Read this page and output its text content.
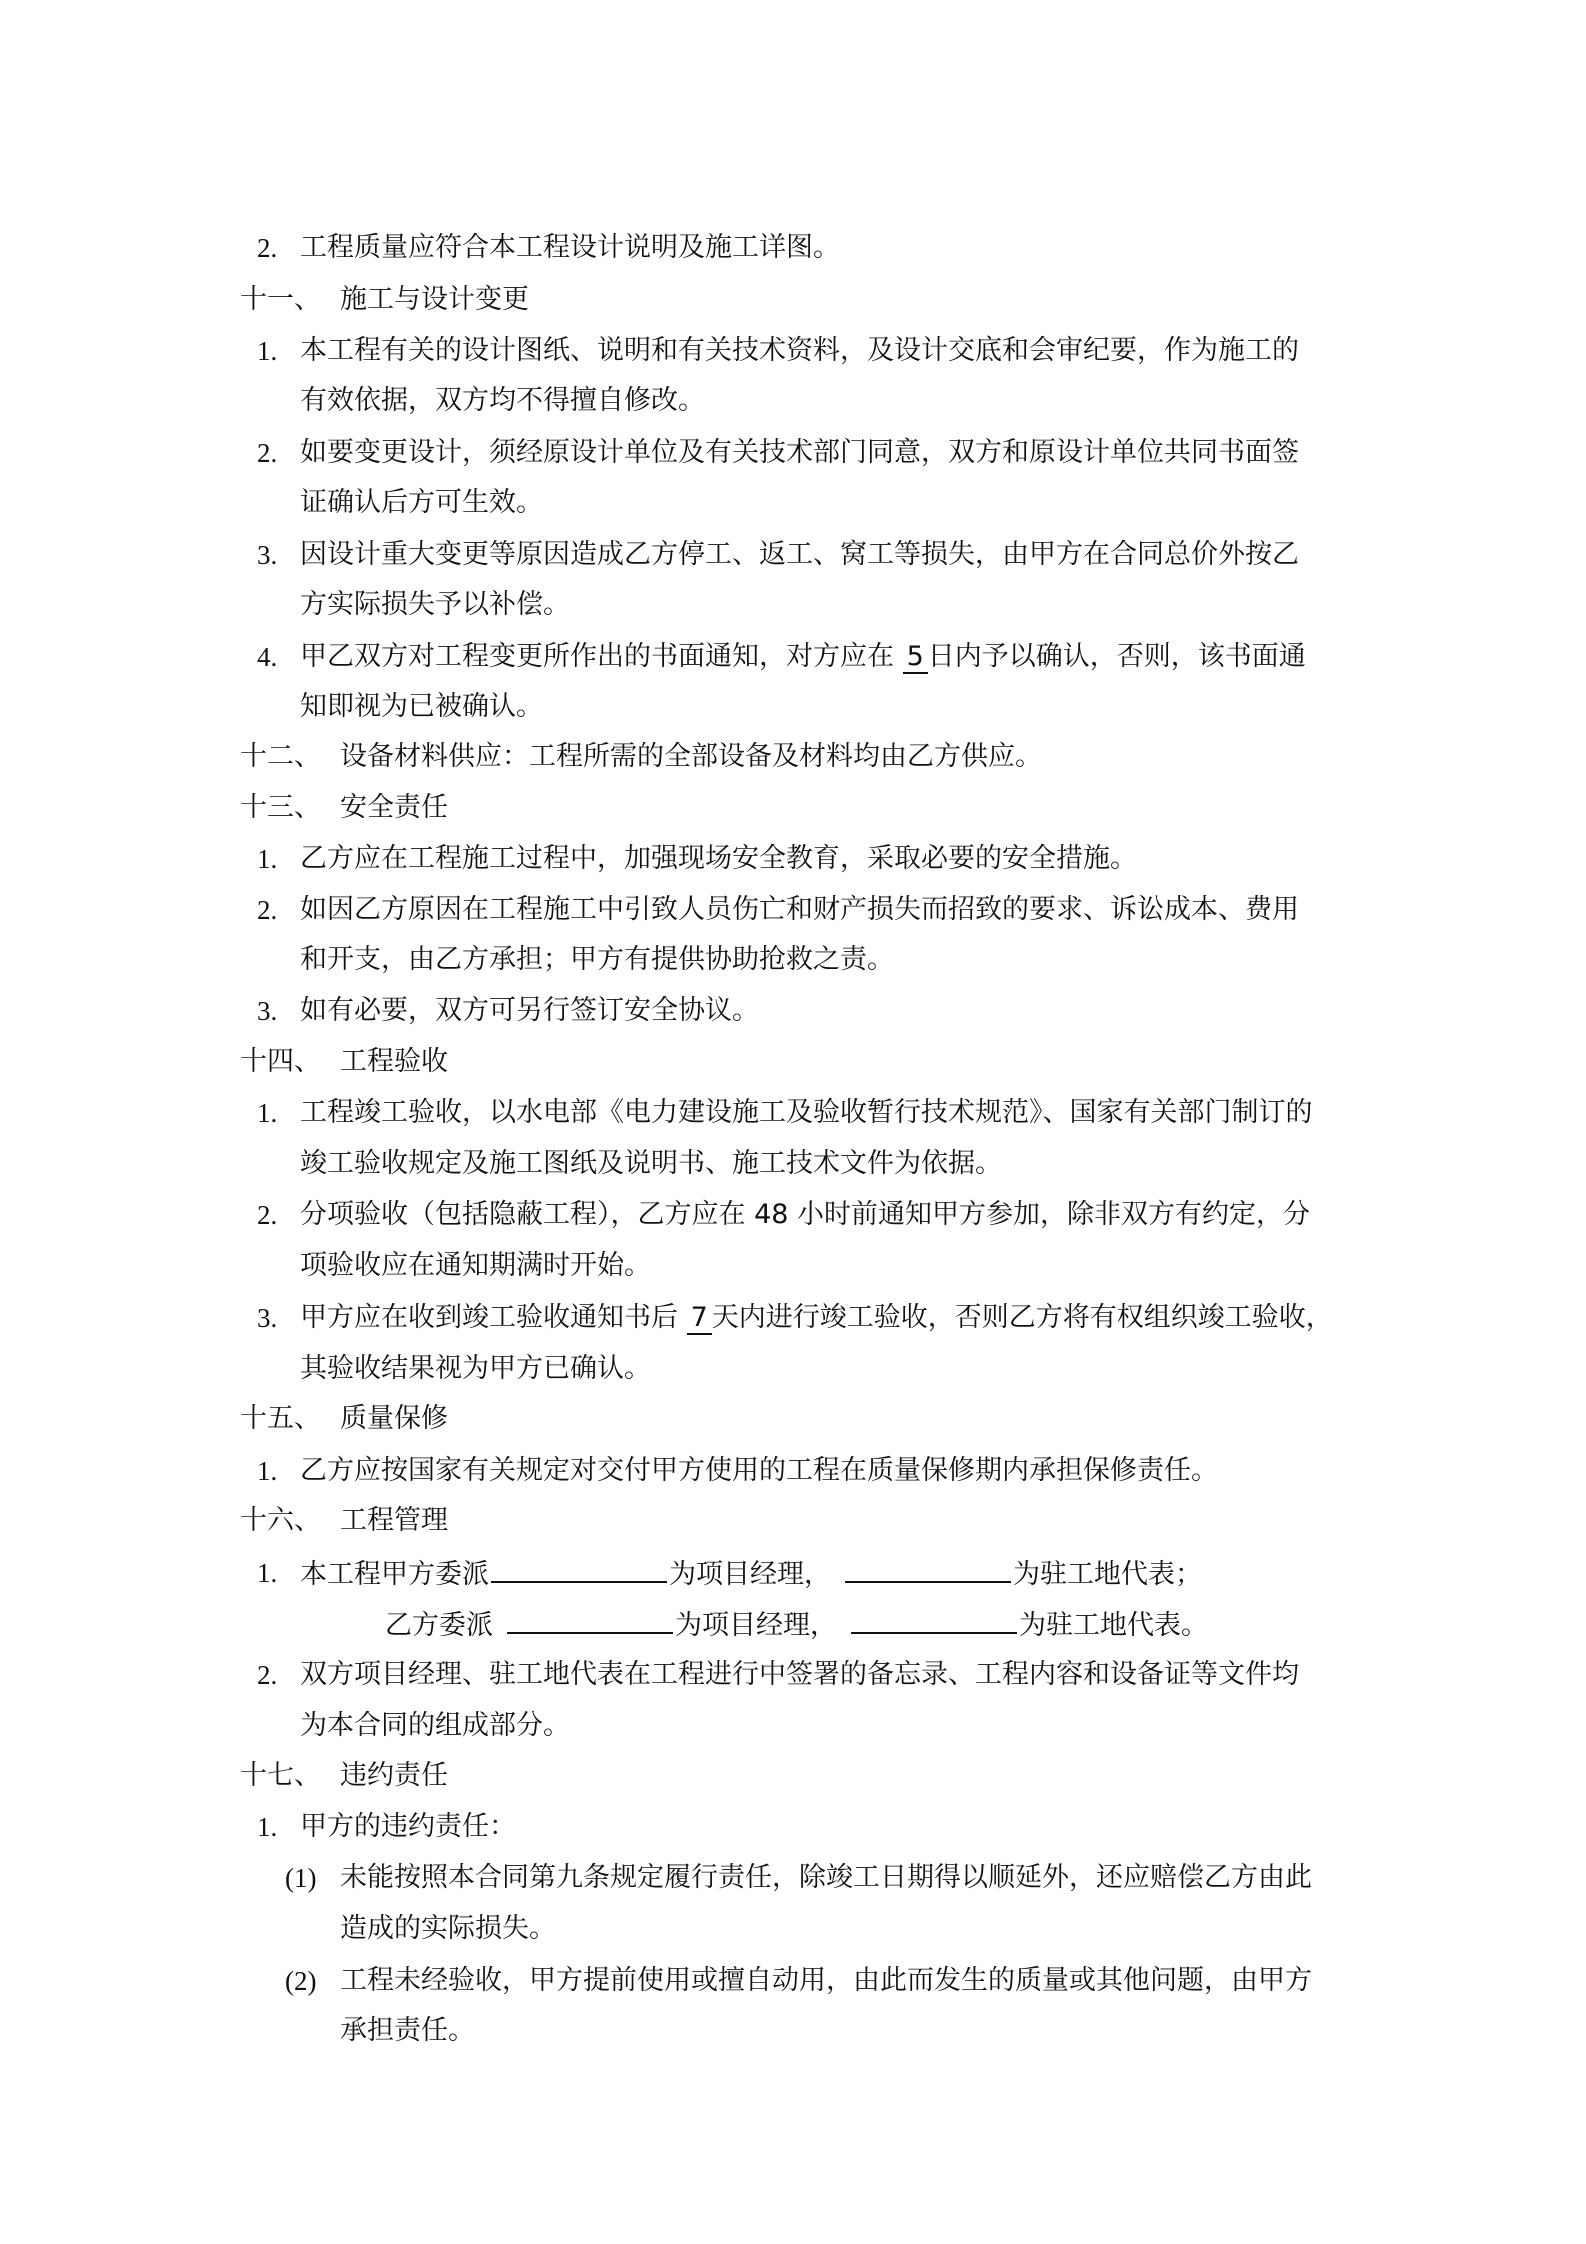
2. 工程质量应符合本工程设计说明及施工详图。
十一、 施工与设计变更
1. 本工程有关的设计图纸、说明和有关技术资料，及设计交底和会审纪要，作为施工的
有效依据，双方均不得擅自修改。
2. 如要变更设计，须经原设计单位及有关技术部门同意，双方和原设计单位共同书面签
证确认后方可生效。
3. 因设计重大变更等原因造成乙方停工、返工、窝工等损失，由甲方在合同总价外按乙
方实际损失予以补偿。
4. 甲乙双方对工程变更所作出的书面通知，对方应在 5 日内予以确认，否则，该书面通
知即视为已被确认。
十二、 设备材料供应：工程所需的全部设备及材料均由乙方供应。
十三、 安全责任
1. 乙方应在工程施工过程中，加强现场安全教育，采取必要的安全措施。
2. 如因乙方原因在工程施工中引致人员伤亡和财产损失而招致的要求、诉讼成本、费用
和开支，由乙方承担；甲方有提供协助抢救之责。
3. 如有必要，双方可另行签订安全协议。
十四、 工程验收
1. 工程竣工验收，以水电部《电力建设施工及验收暂行技术规范》、国家有关部门制订的
竣工验收规定及施工图纸及说明书、施工技术文件为依据。
2. 分项验收（包括隐蔽工程），乙方应在 48 小时前通知甲方参加，除非双方有约定，分
项验收应在通知期满时开始。
3. 甲方应在收到竣工验收通知书后 7 天内进行竣工验收，否则乙方将有权组织竣工验收，
其验收结果视为甲方已确认。
十五、 质量保修
1. 乙方应按国家有关规定对交付甲方使用的工程在质量保修期内承担保修责任。
十六、 工程管理
1. 本工程甲方委派	为项目经理，	为驻工地代表；
乙方委派	为项目经理，	为驻工地代表。
2. 双方项目经理、驻工地代表在工程进行中签署的备忘录、工程内容和设备证等文件均
为本合同的组成部分。
十七、 违约责任
1. 甲方的违约责任：
(1) 未能按照本合同第九条规定履行责任，除竣工日期得以顺延外，还应赔偿乙方由此
造成的实际损失。
(2) 工程未经验收，甲方提前使用或擅自动用，由此而发生的质量或其他问题，由甲方
承担责任。
